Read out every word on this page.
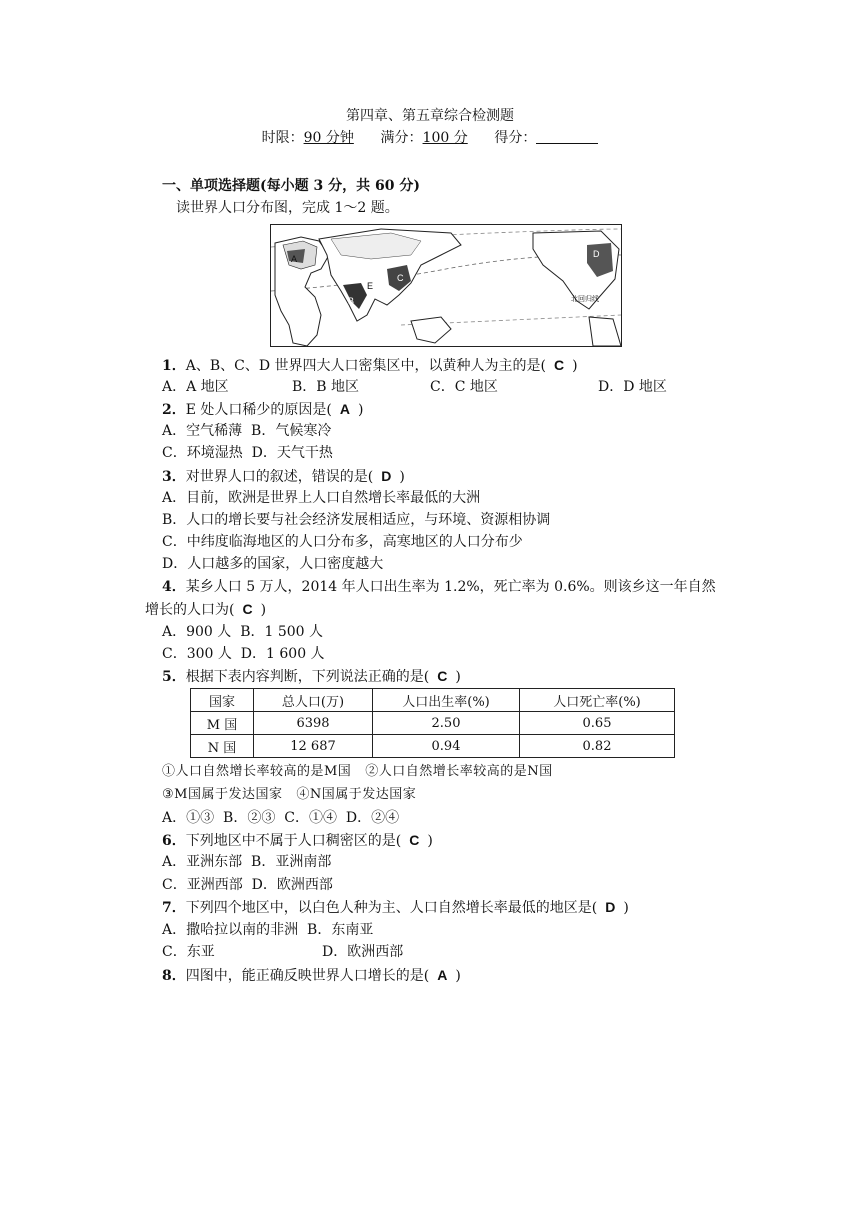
第四章、第五章综合检测题
时限：90 分钟 满分：100 分 得分：
一、单项选择题(每小题 3 分，共 60 分)
读世界人口分布图，完成 1～2 题。
A
B
C
D
E
北回归线
1．A、B、C、D 世界四大人口密集区中，以黄种人为主的是( C )
A．A 地区	B．B 地区	C．C 地区	D．D 地区
2．E 处人口稀少的原因是( A )
A．空气稀薄 B．气候寒冷
C．环境湿热 D．天气干热
3．对世界人口的叙述，错误的是( D )
A．目前，欧洲是世界上人口自然增长率最低的大洲
B．人口的增长要与社会经济发展相适应，与环境、资源相协调
C．中纬度临海地区的人口分布多，高寒地区的人口分布少
D．人口越多的国家，人口密度越大
4．某乡人口 5 万人，2014 年人口出生率为 1.2%，死亡率为 0.6%。则该乡这一年自然
增长的人口为( C )
A．900 人 B．1 500 人
C．300 人 D．1 600 人
5．根据下表内容判断，下列说法正确的是( C )
国家	总人口(万)	人口出生率(%)	人口死亡率(%)
M 国	6398	2.50	0.65
N 国	12 687	0.94	0.82
①人口自然增长率较高的是M国 ②人口自然增长率较高的是N国
③M国属于发达国家 ④N国属于发达国家
A．①③ B．②③ C．①④ D．②④
6．下列地区中不属于人口稠密区的是( C )
A．亚洲东部 B．亚洲南部
C．亚洲西部 D．欧洲西部
7．下列四个地区中，以白色人种为主、人口自然增长率最低的地区是( D )
A．撒哈拉以南的非洲 B．东南亚
C．东亚	D．欧洲西部
8．四图中，能正确反映世界人口增长的是( A )
